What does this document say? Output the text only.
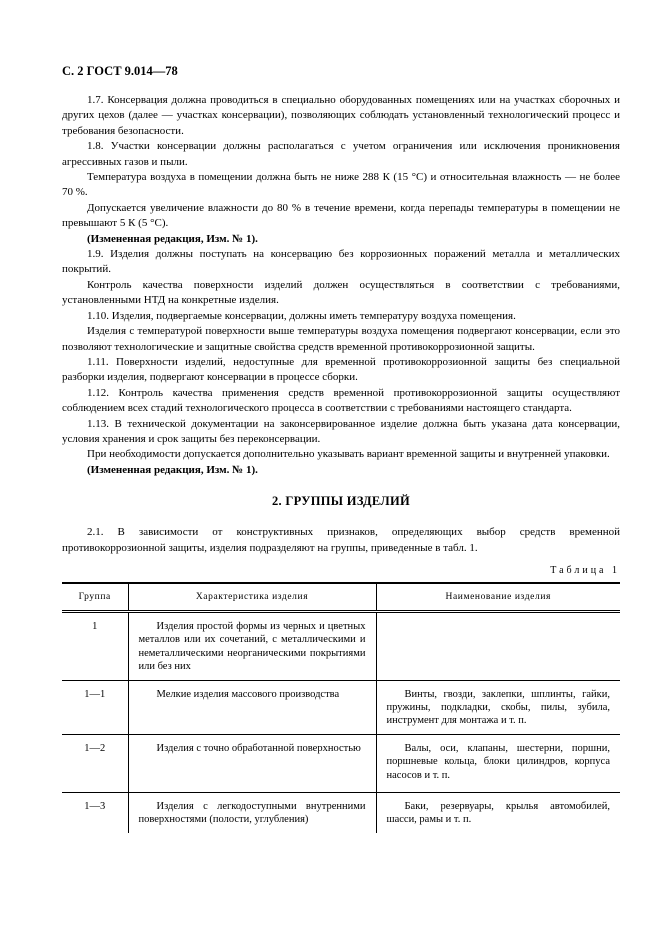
С. 2 ГОСТ 9.014—78

1.7. Консервация должна проводиться в специально оборудованных помещениях или на участках сборочных и других цехов (далее — участках консервации), позволяющих соблюдать установленный технологический процесс и требования безопасности.

1.8. Участки консервации должны располагаться с учетом ограничения или исключения проникновения агрессивных газов и пыли.

Температура воздуха в помещении должна быть не ниже 288 К (15 °С) и относительная влажность — не более 70 %.

Допускается увеличение влажности до 80 % в течение времени, когда перепады температуры в помещении не превышают 5 К (5 °С).

(Измененная редакция, Изм. № 1).

1.9. Изделия должны поступать на консервацию без коррозионных поражений металла и металлических покрытий.

Контроль качества поверхности изделий должен осуществляться в соответствии с требованиями, установленными НТД на конкретные изделия.

1.10. Изделия, подвергаемые консервации, должны иметь температуру воздуха помещения.

Изделия с температурой поверхности выше температуры воздуха помещения подвергают консервации, если это позволяют технологические и защитные свойства средств временной противокоррозионной защиты.

1.11. Поверхности изделий, недоступные для временной противокоррозионной защиты без специальной разборки изделия, подвергают консервации в процессе сборки.

1.12. Контроль качества применения средств временной противокоррозионной защиты осуществляют соблюдением всех стадий технологического процесса в соответствии с требованиями настоящего стандарта.

1.13. В технической документации на законсервированное изделие должна быть указана дата консервации, условия хранения и срок защиты без переконсервации.

При необходимости допускается дополнительно указывать вариант временной защиты и внутренней упаковки.

(Измененная редакция, Изм. № 1).

2. ГРУППЫ ИЗДЕЛИЙ

2.1. В зависимости от конструктивных признаков, определяющих выбор средств временной противокоррозионной защиты, изделия подразделяют на группы, приведенные в табл. 1.

Таблица 1
Группа	Характеристика изделия	Наименование изделия
1	Изделия простой формы из черных и цветных металлов или их сочетаний, с металлическими и неметаллическими неорганическими покрытиями или без них	
1—1	Мелкие изделия массового производства	Винты, гвозди, заклепки, шплинты, гайки, пружины, подкладки, скобы, пилы, зубила, инструмент для монтажа и т. п.
1—2	Изделия с точно обработанной поверхностью	Валы, оси, клапаны, шестерни, поршни, поршневые кольца, блоки цилиндров, корпуса насосов и т. п.
1—3	Изделия с легкодоступными внутренними поверхностями (полости, углубления)	Баки, резервуары, крылья автомобилей, шасси, рамы и т. п.
